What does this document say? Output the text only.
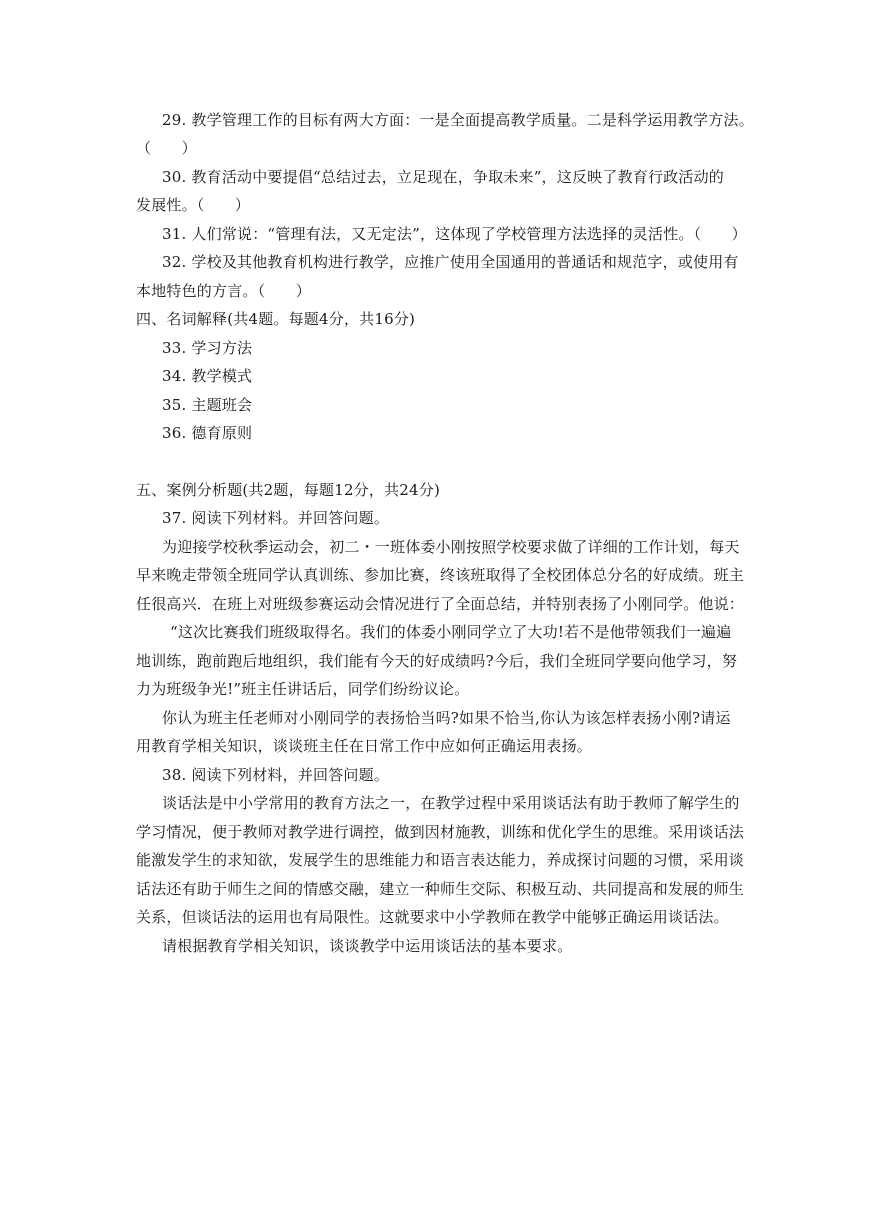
29. 教学管理工作的目标有两大方面：一是全面提高教学质量。二是科学运用教学方法。
（　　）
30. 教育活动中要提倡“总结过去，立足现在，争取未来”，这反映了教育行政活动的
发展性。（　　）
31. 人们常说：“管理有法，又无定法”，这体现了学校管理方法选择的灵活性。（　　）
32. 学校及其他教育机构进行教学，应推广使用全国通用的普通话和规范字，或使用有
本地特色的方言。（　　）
四、名词解释(共4题。每题4分，共16分)
33. 学习方法
34. 教学模式
35. 主题班会
36. 德育原则
五、案例分析题(共2题，每题12分，共24分)
37. 阅读下列材料。并回答问题。
为迎接学校秋季运动会，初二・一班体委小刚按照学校要求做了详细的工作计划，每天
早来晚走带领全班同学认真训练、参加比赛，终该班取得了全校团体总分名的好成绩。班主
任很高兴．在班上对班级参赛运动会情况进行了全面总结，并特别表扬了小刚同学。他说：
“这次比赛我们班级取得名。我们的体委小刚同学立了大功!若不是他带领我们一遍遍
地训练，跑前跑后地组织，我们能有今天的好成绩吗?今后，我们全班同学要向他学习，努
力为班级争光!”班主任讲话后，同学们纷纷议论。
你认为班主任老师对小刚同学的表扬恰当吗?如果不恰当,你认为该怎样表扬小刚?请运
用教育学相关知识，谈谈班主任在日常工作中应如何正确运用表扬。
38. 阅读下列材料，并回答问题。
谈话法是中小学常用的教育方法之一，在教学过程中采用谈话法有助于教师了解学生的
学习情况，便于教师对教学进行调控，做到因材施教，训练和优化学生的思维。采用谈话法
能激发学生的求知欲，发展学生的思维能力和语言表达能力，养成探讨问题的习惯，采用谈
话法还有助于师生之间的情感交融，建立一种师生交际、积极互动、共同提高和发展的师生
关系，但谈话法的运用也有局限性。这就要求中小学教师在教学中能够正确运用谈话法。
请根据教育学相关知识，谈谈教学中运用谈话法的基本要求。
